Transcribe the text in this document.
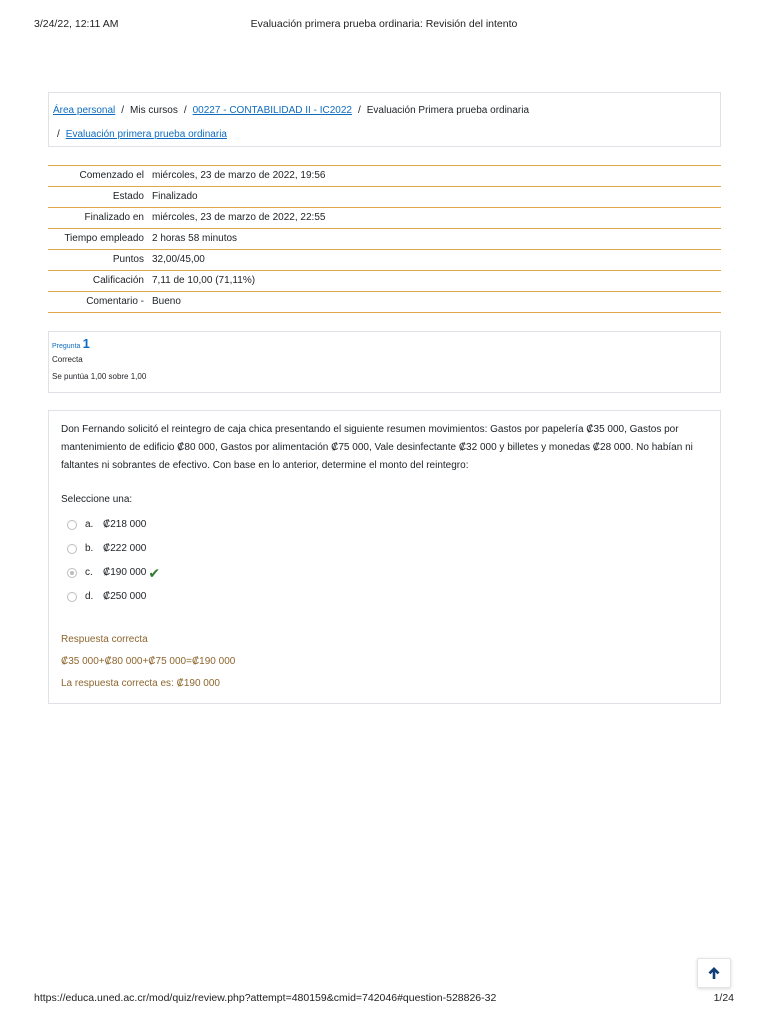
3/24/22, 12:11 AM	Evaluación primera prueba ordinaria: Revisión del intento
Área personal / Mis cursos / 00227 - CONTABILIDAD II - IC2022 / Evaluación Primera prueba ordinaria
/ Evaluación primera prueba ordinaria
Comenzado el	miércoles, 23 de marzo de 2022, 19:56
Estado	Finalizado
Finalizado en	miércoles, 23 de marzo de 2022, 22:55
Tiempo empleado	2 horas 58 minutos
Puntos	32,00/45,00
Calificación	7,11 de 10,00 (71,11%)
Comentario -	Bueno
Pregunta 1
Correcta
Se puntúa 1,00 sobre 1,00

Don Fernando solicitó el reintegro de caja chica presentando el siguiente resumen movimientos: Gastos por papelería ₡35 000, Gastos por mantenimiento de edificio ₡80 000, Gastos por alimentación ₡75 000, Vale desinfectante ₡32 000 y billetes y monedas ₡28 000. No habían ni faltantes ni sobrantes de efectivo. Con base en lo anterior, determine el monto del reintegro:

Seleccione una:
a. ₡218 000
b. ₡222 000
c.	₡190 000 ✔
d. ₡250 000
Respuesta correcta
₡35 000+₡80 000+₡75 000=₡190 000
La respuesta correcta es: ₡190 000
https://educa.uned.ac.cr/mod/quiz/review.php?attempt=480159&cmid=742046#question-528826-32	1/24
